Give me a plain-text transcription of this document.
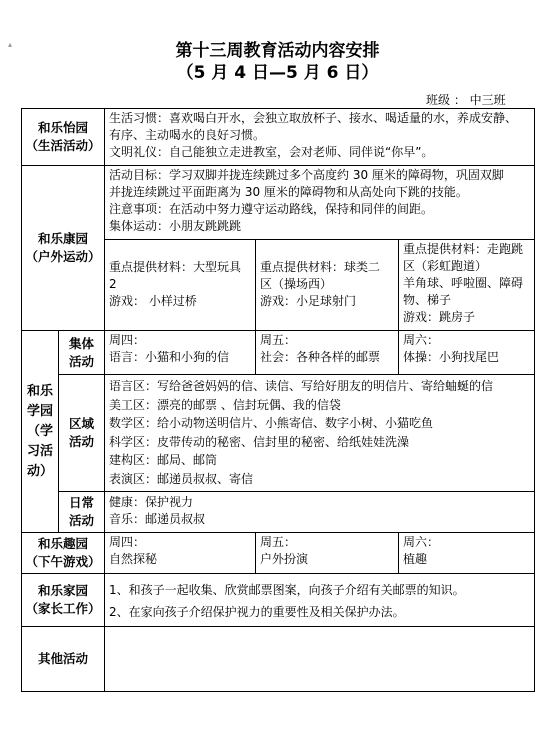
▴	第十三周教育活动内容安排
（5 月 4 日—5 月 6 日）
班级 ： 中三班
和乐怡园
（生活活动）
生活习惯：喜欢喝白开水，会独立取放杯子、接水、喝适量的水，养成安静、
有序、主动喝水的良好习惯。
文明礼仪：自己能独立走进教室，会对老师、同伴说“你早”。
和乐康园
（户外运动）
活动目标：学习双脚并拢连续跳过多个高度约 30 厘米的障碍物，巩固双脚
并拢连续跳过平面距离为 30 厘米的障碍物和从高处向下跳的技能。
注意事项：在活动中努力遵守运动路线，保持和同伴的间距。
集体运动：小朋友跳跳跳
重点提供材料：大型玩具
2
游戏： 小样过桥
重点提供材料：球类二
区（操场西）
游戏：小足球射门
重点提供材料：走跑跳
区（彩虹跑道）
羊角球、呼啦圈、障碍
物、梯子
游戏：跳房子
和乐学园（学习活动）
集体
活动
周四：
语言：小猫和小狗的信
周五：
社会：各种各样的邮票
周六：
体操：小狗找尾巴
区域
活动
语言区：写给爸爸妈妈的信、读信、写给好朋友的明信片、寄给蚰蜒的信
美工区：漂亮的邮票 、信封玩偶、我的信袋
数学区：给小动物送明信片、小熊寄信、数字小树、小猫吃鱼
科学区：皮带传动的秘密、信封里的秘密、给纸娃娃洗澡
建构区：邮局、邮筒
表演区：邮递员叔叔、寄信
日常
活动
健康：保护视力
音乐：邮递员叔叔
和乐趣园
（下午游戏）
周四：
自然探秘
周五：
户外扮演
周六：
植趣
和乐家园
（家长工作）
1、和孩子一起收集、欣赏邮票图案，向孩子介绍有关邮票的知识。
2、在家向孩子介绍保护视力的重要性及相关保护办法。
其他活动
